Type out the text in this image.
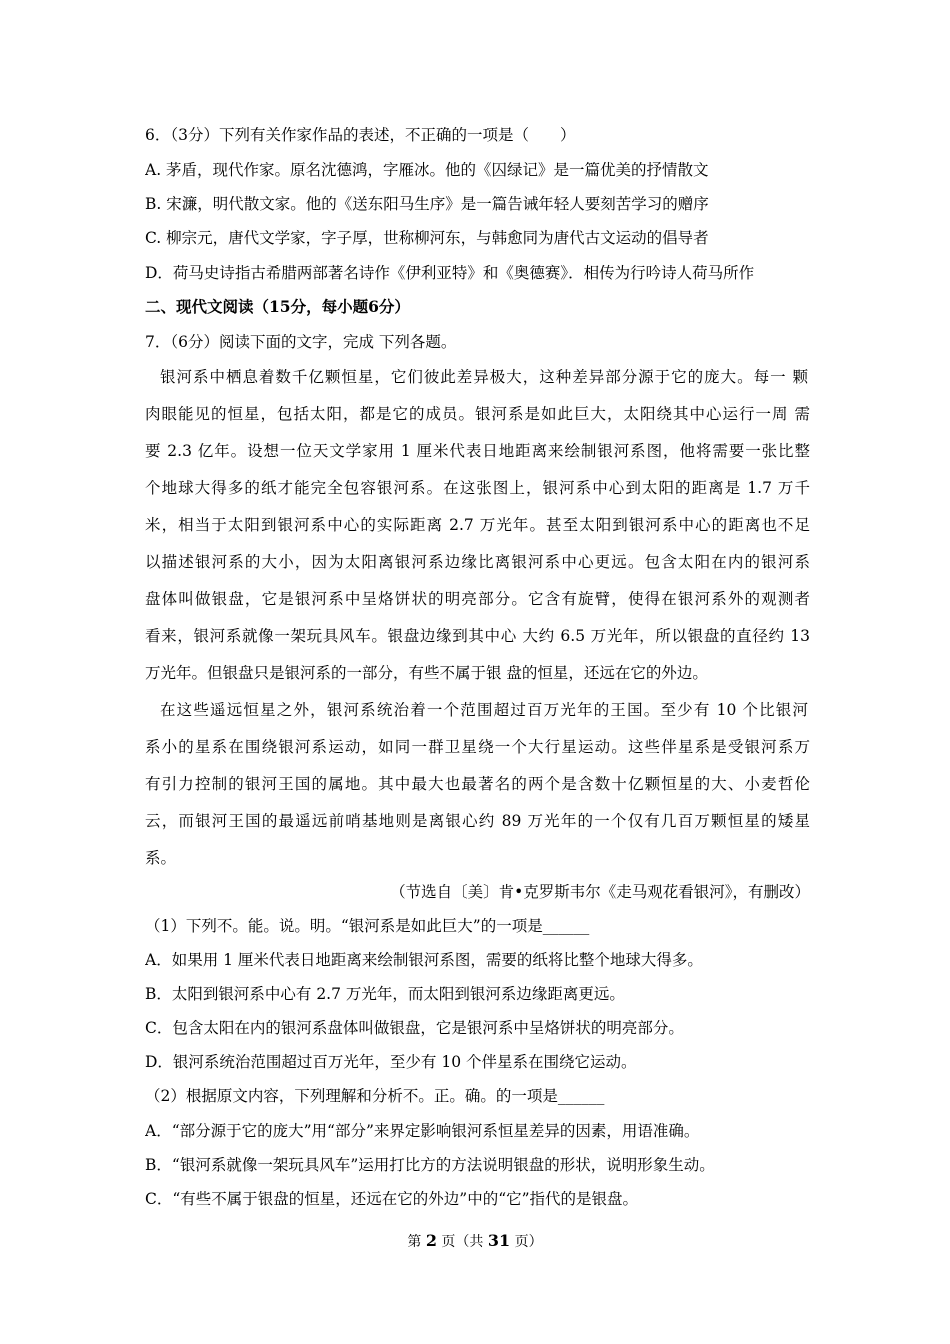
6．（3分）下列有关作家作品的表述，不正确的一项是（　　）
A. 茅盾，现代作家。原名沈德鸿，字雁冰。他的《囚绿记》是一篇优美的抒情散文
B. 宋濂，明代散文家。他的《送东阳马生序》是一篇告诫年轻人要刻苦学习的赠序
C. 柳宗元，唐代文学家，字子厚，世称柳河东，与韩愈同为唐代古文运动的倡导者
D．荷马史诗指古希腊两部著名诗作《伊利亚特》和《奥德赛》．相传为行吟诗人荷马所作
二、现代文阅读（15分，每小题6分）
7．（6分）阅读下面的文字，完成 下列各题。
银河系中栖息着数千亿颗恒星，它们彼此差异极大，这种差异部分源于它的庞大。每一 颗
肉眼能见的恒星，包括太阳，都是它的成员。银河系是如此巨大，太阳绕其中心运行一周 需
要 2.3 亿年。设想一位天文学家用 1 厘米代表日地距离来绘制银河系图，他将需要一张比整
个地球大得多的纸才能完全包容银河系。在这张图上，银河系中心到太阳的距离是 1.7 万千
米，相当于太阳到银河系中心的实际距离 2.7 万光年。甚至太阳到银河系中心的距离也不足
以描述银河系的大小，因为太阳离银河系边缘比离银河系中心更远。包含太阳在内的银河系
盘体叫做银盘，它是银河系中呈烙饼状的明亮部分。它含有旋臂，使得在银河系外的观测者
看来，银河系就像一架玩具风车。银盘边缘到其中心 大约 6.5 万光年，所以银盘的直径约 13
万光年。但银盘只是银河系的一部分，有些不属于银 盘的恒星，还远在它的外边。
在这些遥远恒星之外，银河系统治着一个范围超过百万光年的王国。至少有 10 个比银河
系小的星系在围绕银河系运动，如同一群卫星绕一个大行星运动。这些伴星系是受银河系万
有引力控制的银河王国的属地。其中最大也最著名的两个是含数十亿颗恒星的大、小麦哲伦
云，而银河王国的最遥远前哨基地则是离银心约 89 万光年的一个仅有几百万颗恒星的矮星
系。
（节选自〔美〕肯•克罗斯韦尔《走马观花看银河》，有删改）
（1）下列不。能。说。明。“银河系是如此巨大”的一项是______
A．如果用 1 厘米代表日地距离来绘制银河系图，需要的纸将比整个地球大得多。
B．太阳到银河系中心有 2.7 万光年，而太阳到银河系边缘距离更远。
C．包含太阳在内的银河系盘体叫做银盘，它是银河系中呈烙饼状的明亮部分。
D．银河系统治范围超过百万光年，至少有 10 个伴星系在围绕它运动。
（2）根据原文内容，下列理解和分析不。正。确。的一项是______
A．“部分源于它的庞大”用“部分”来界定影响银河系恒星差异的因素，用语准确。
B．“银河系就像一架玩具风车”运用打比方的方法说明银盘的形状，说明形象生动。
C．“有些不属于银盘的恒星，还远在它的外边”中的“它”指代的是银盘。
第 2 页（共 31 页）
